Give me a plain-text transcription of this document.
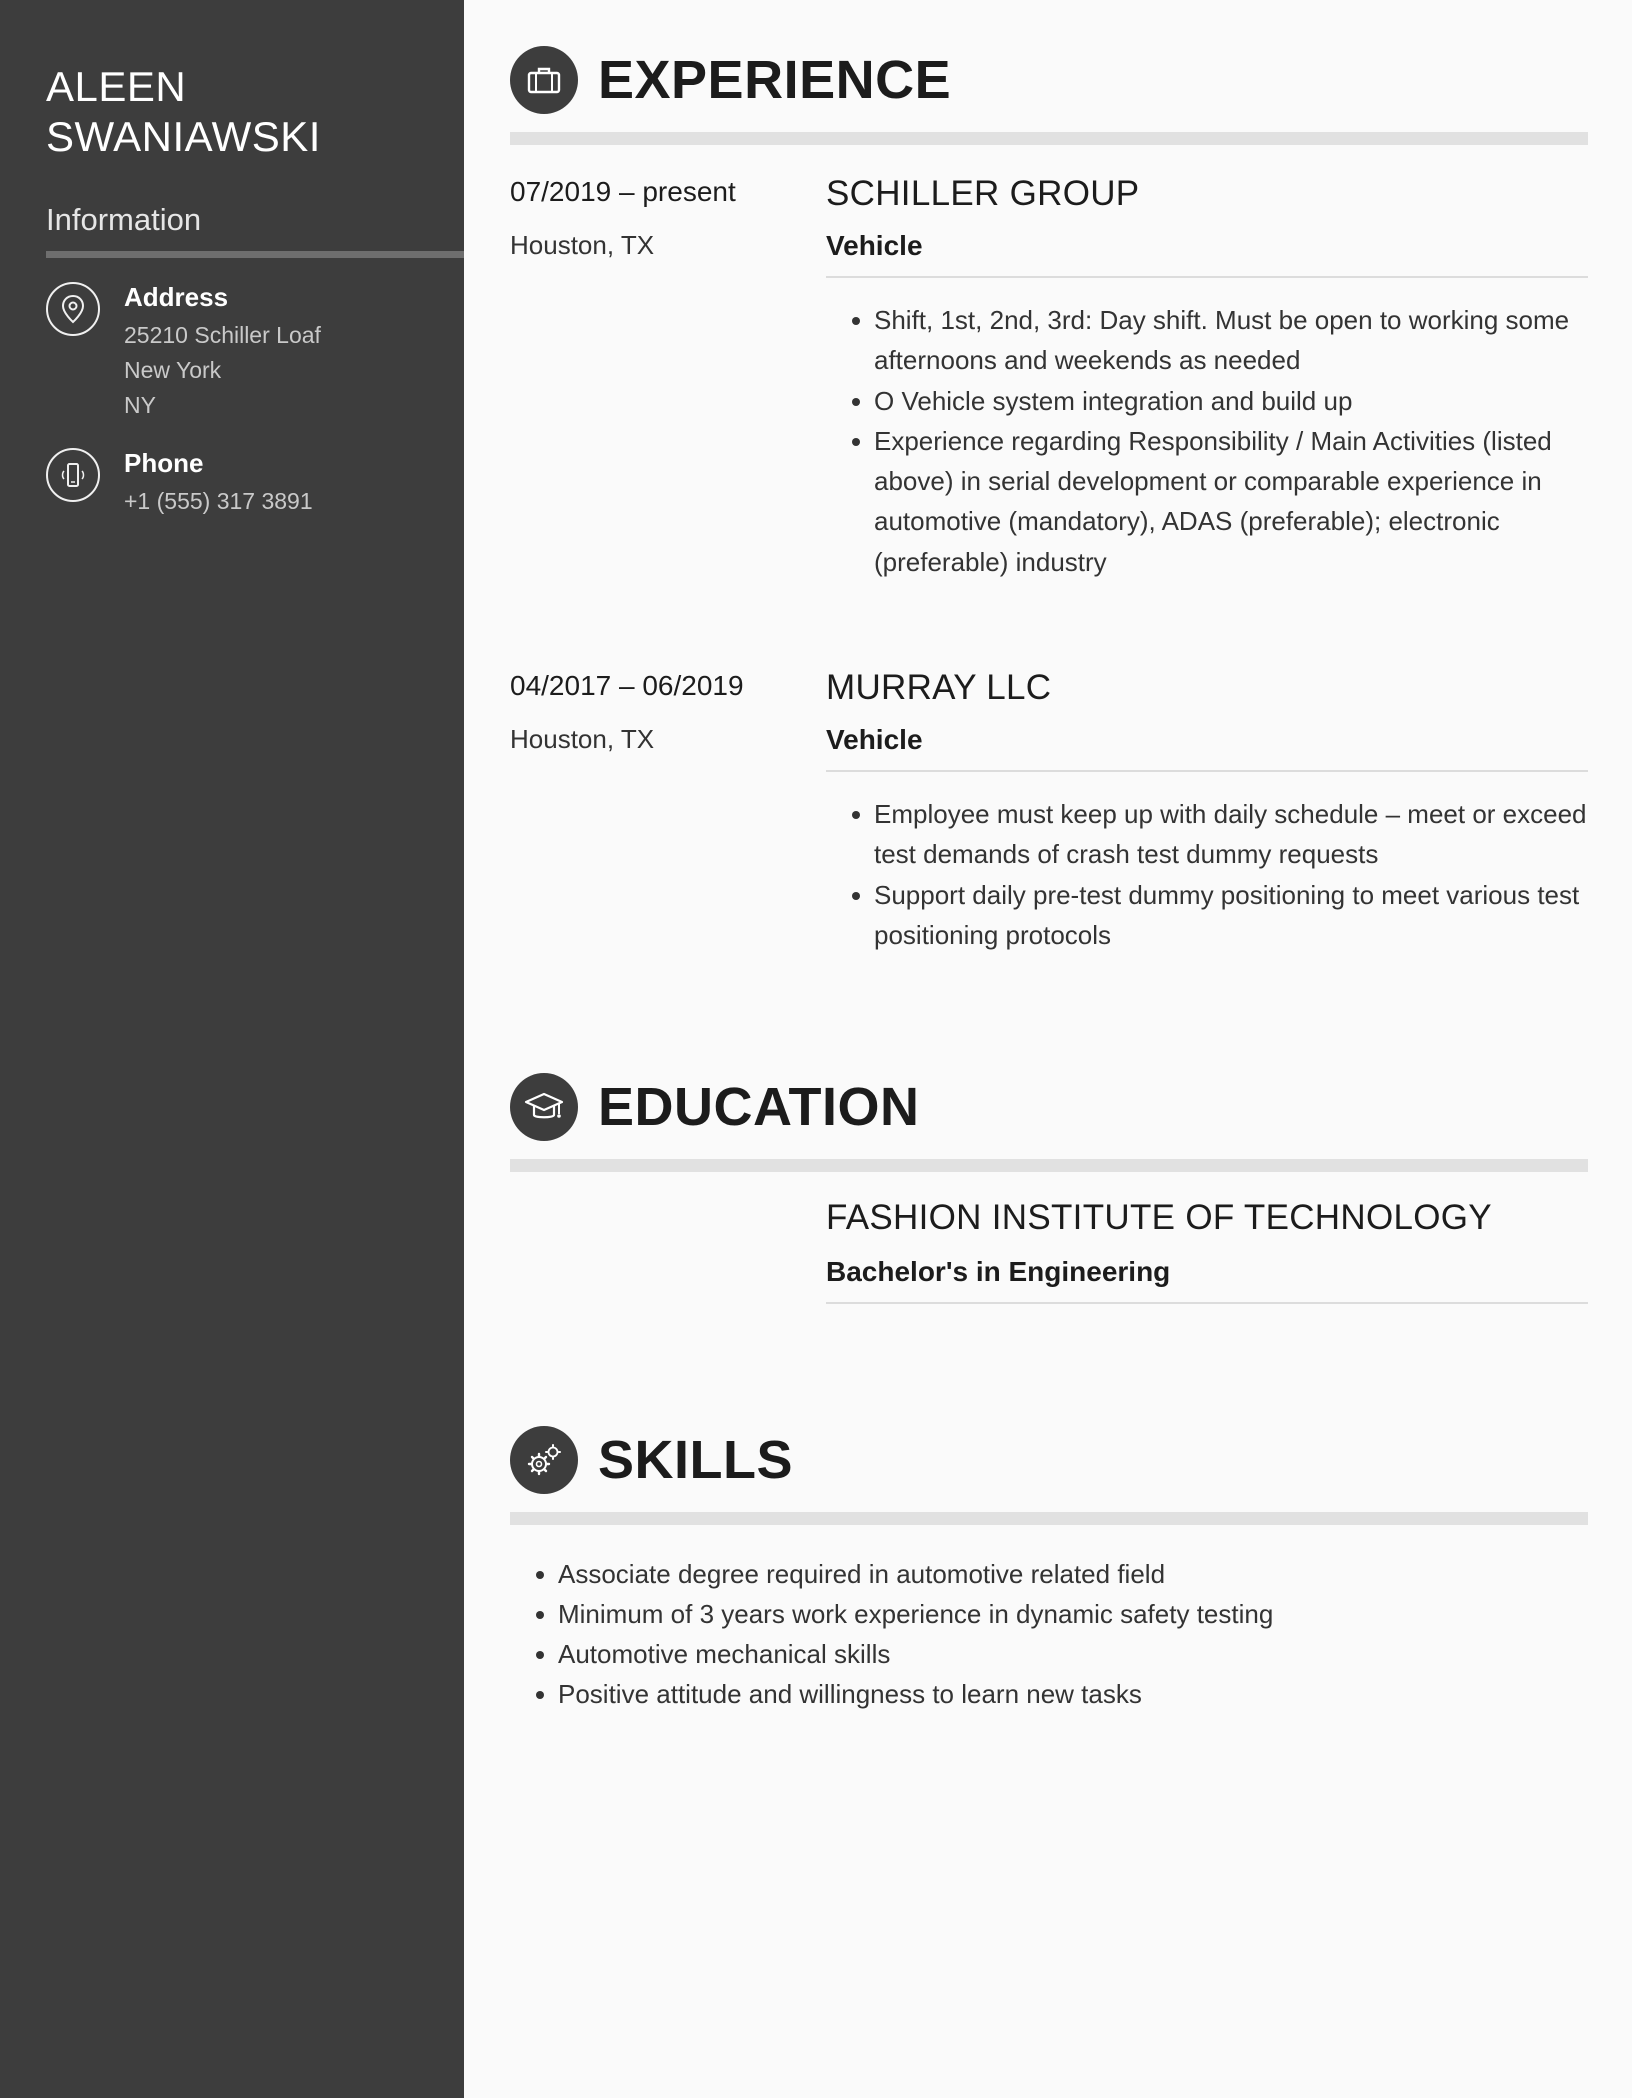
ALEEN
SWANIAWSKI
Information
Address
25210 Schiller Loaf
New York
NY
Phone
+1 (555) 317 3891
EXPERIENCE
07/2019 – present
Houston, TX
SCHILLER GROUP
Vehicle
Shift, 1st, 2nd, 3rd: Day shift. Must be open to working some afternoons and weekends as needed
O Vehicle system integration and build up
Experience regarding Responsibility / Main Activities (listed above) in serial development or comparable experience in automotive (mandatory), ADAS (preferable); electronic (preferable) industry
04/2017 – 06/2019
Houston, TX
MURRAY LLC
Vehicle
Employee must keep up with daily schedule – meet or exceed test demands of crash test dummy requests
Support daily pre-test dummy positioning to meet various test positioning protocols
EDUCATION
FASHION INSTITUTE OF TECHNOLOGY
Bachelor's in Engineering
SKILLS
Associate degree required in automotive related field
Minimum of 3 years work experience in dynamic safety testing
Automotive mechanical skills
Positive attitude and willingness to learn new tasks
